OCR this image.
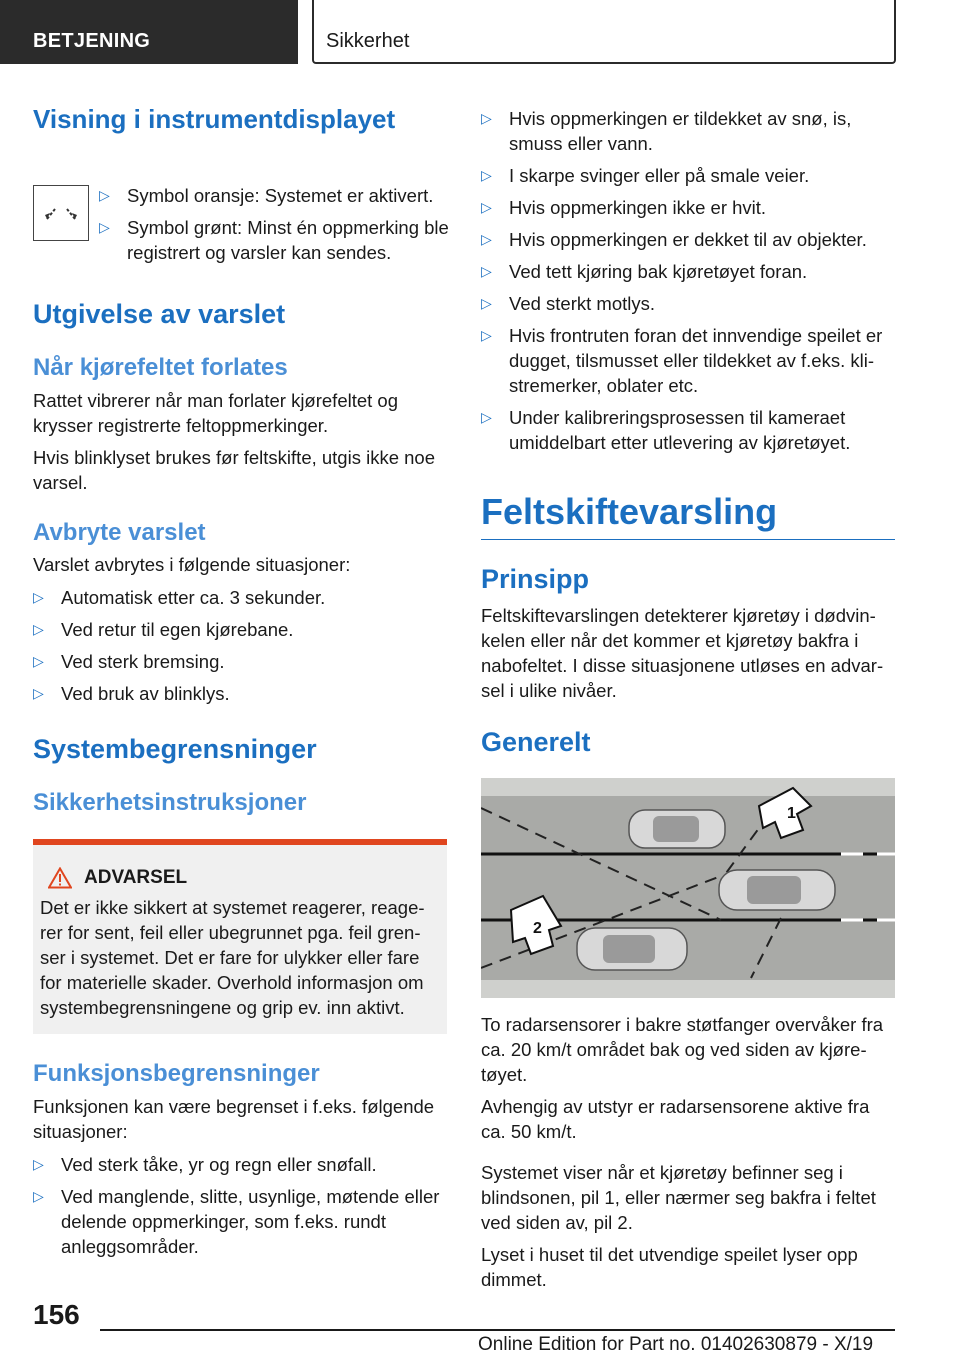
BETJENING	Sikkerhet
Visning i instrumentdisplayet
▷ Symbol oransje: Systemet er aktivert.
▷ Symbol grønt: Minst én oppmerking ble registrert og varsler kan sendes.
Utgivelse av varslet
Når kjørefeltet forlates

Rattet vibrerer når man forlater kjørefeltet og krysser registrerte feltoppmerkinger.

Hvis blinklyset brukes før feltskifte, utgis ikke noe varsel.

Avbryte varslet

Varslet avbrytes i følgende situasjoner:

▷ Automatisk etter ca. 3 sekunder.
▷ Ved retur til egen kjørebane.
▷ Ved sterk bremsing.
▷ Ved bruk av blinklys.
Systembegrensninger
Sikkerhetsinstruksjoner
ADVARSEL

Det er ikke sikkert at systemet reagerer, reagerer for sent, feil eller ubegrunnet pga. feil grenser i systemet. Det er fare for ulykker eller fare for materielle skader. Overhold informasjon om systembegrensningene og grip ev. inn aktivt.

Funksjonsbegrensninger

Funksjonen kan være begrenset i f.eks. følgende situasjoner:

▷ Ved sterk tåke, yr og regn eller snøfall.
▷ Ved manglende, slitte, usynlige, møtende eller delende oppmerkinger, som f.eks. rundt anleggsområder.
▷ Hvis oppmerkingen er tildekket av snø, is, smuss eller vann.
▷ I skarpe svinger eller på smale veier.
▷ Hvis oppmerkingen ikke er hvit.
▷ Hvis oppmerkingen er dekket til av objekter.
▷ Ved tett kjøring bak kjøretøyet foran.
▷ Ved sterkt motlys.
▷ Hvis frontruten foran det innvendige speilet er dugget, tilsmusset eller tildekket av f.eks. klistremerker, oblater etc.
▷ Under kalibreringsprosessen til kameraet umiddelbart etter utlevering av kjøretøyet.
Feltskiftevarsling
Prinsipp

Feltskiftevarslingen detekterer kjøretøy i dødvinkelen eller når det kommer et kjøretøy bakfra i nabofeltet. I disse situasjonene utløses en advarsel i ulike nivåer.

Generelt
1
2

To radarsensorer i bakre støtfanger overvåker fra ca. 20 km/t området bak og ved siden av kjøretøyet.

Avhengig av utstyr er radarsensorene aktive fra ca. 50 km/t.

Systemet viser når et kjøretøy befinner seg i blindsonen, pil 1, eller nærmer seg bakfra i feltet ved siden av, pil 2.

Lyset i huset til det utvendige speilet lyser opp dimmet.

156
Online Edition for Part no. 01402630879 - X/19
